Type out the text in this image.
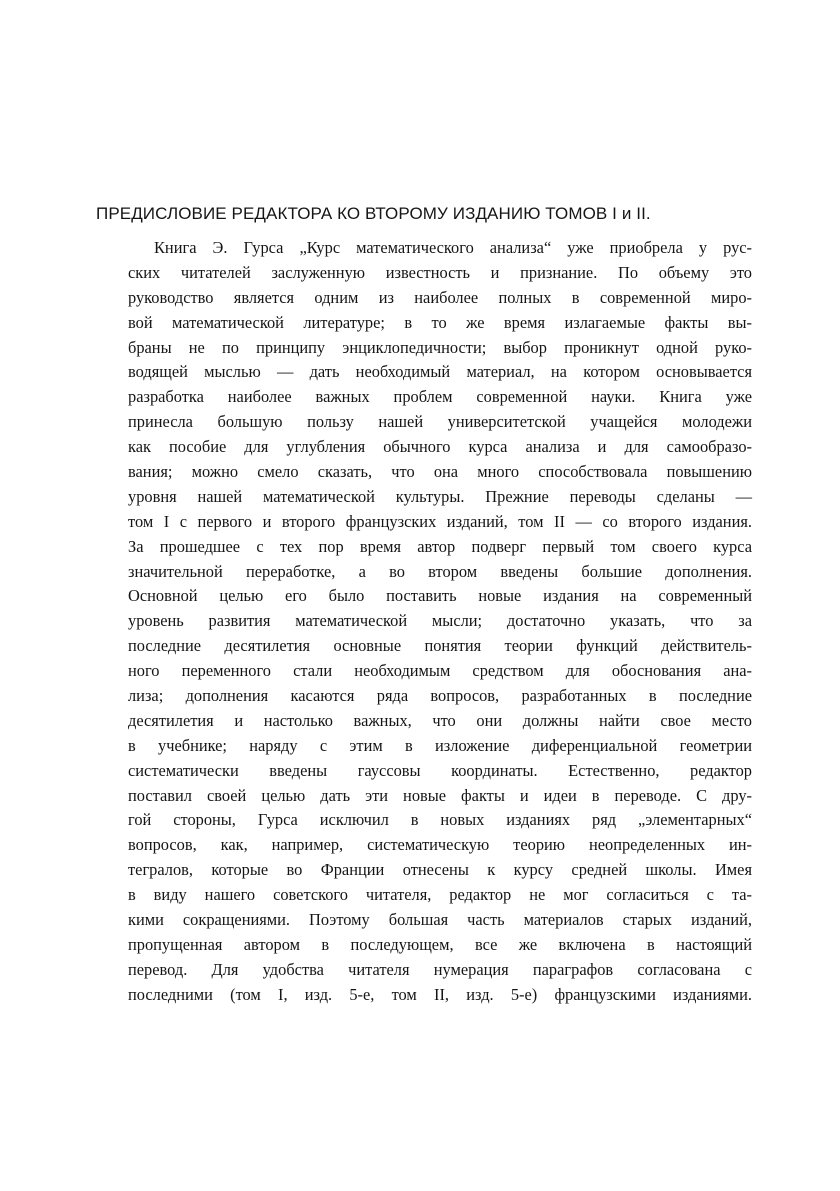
ПРЕДИСЛОВИЕ РЕДАКТОРА КО ВТОРОМУ ИЗДАНИЮ ТОМОВ I и II.
Книга Э. Гурса „Курс математического анализа“ уже приобрела у рус-
ских читателей заслуженную известность и признание. По объему это
руководство является одним из наиболее полных в современной миро-
вой математической литературе; в то же время излагаемые факты вы-
браны не по принципу энциклопедичности; выбор проникнут одной руко-
водящей мыслью — дать необходимый материал, на котором основывается
разработка наиболее важных проблем современной науки. Книга уже
принесла большую пользу нашей университетской учащейся молодежи
как пособие для углубления обычного курса анализа и для самообразо-
вания; можно смело сказать, что она много способствовала повышению
уровня нашей математической культуры. Прежние переводы сделаны —
том I с первого и второго французских изданий, том II — со второго издания.
За прошедшее с тех пор время автор подверг первый том своего курса
значительной переработке, а во втором введены большие дополнения.
Основной целью его было поставить новые издания на современный
уровень развития математической мысли; достаточно указать, что за
последние десятилетия основные понятия теории функций действитель-
ного переменного стали необходимым средством для обоснования ана-
лиза; дополнения касаются ряда вопросов, разработанных в последние
десятилетия и настолько важных, что они должны найти свое место
в учебнике; наряду с этим в изложение диференциальной геометрии
систематически введены гауссовы координаты. Естественно, редактор
поставил своей целью дать эти новые факты и идеи в переводе. С дру-
гой стороны, Гурса исключил в новых изданиях ряд „элементарных“
вопросов, как, например, систематическую теорию неопределенных ин-
тегралов, которые во Франции отнесены к курсу средней школы. Имея
в виду нашего советского читателя, редактор не мог согласиться с та-
кими сокращениями. Поэтому большая часть материалов старых изданий,
пропущенная автором в последующем, все же включена в настоящий
перевод. Для удобства читателя нумерация параграфов согласована с
последними (том I, изд. 5-е, том II, изд. 5-е) французскими изданиями.
